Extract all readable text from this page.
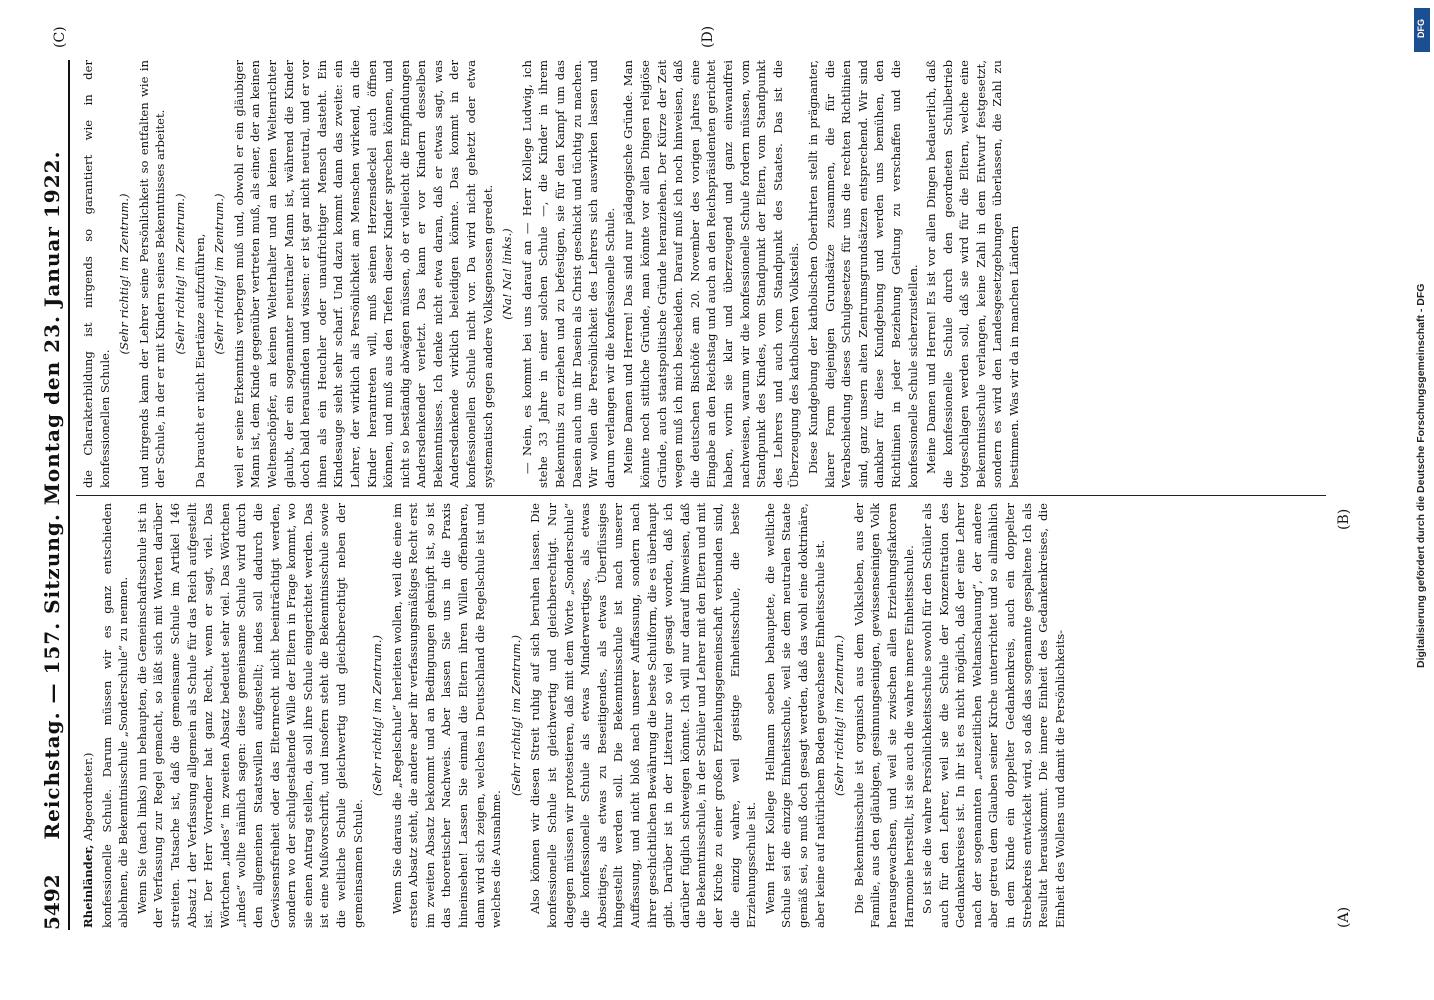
5492
Reichstag. — 157. Sitzung. Montag den 23. Januar 1922.
(A)
(B)
(C)	(D)

Rheinländer, Abgeordneter.) konfessionelle Schule. Darum müssen wir es ganz entschieden ablehnen, die Bekenntnisschule „Sonderschule“ zu nennen. Wenn Sie (nach links) nun behaupten, die Gemeinschaftsschule ist in der Verfassung zur Regel gemacht, so läßt sich mit Worten darüber streiten. Tatsache ist, daß die gemeinsame Schule im Artikel 146 Absatz 1 der Verfassung allgemein als Schule für das Reich aufgestellt ist. Der Herr Vorredner hat ganz Recht, wenn er sagt, viel. Das Wörtchen „indes“ im zweiten Absatz bedeutet sehr viel. Das Wörtchen „indes“ wollte nämlich sagen: diese gemeinsame Schule wird durch den allgemeinen Staatswillen aufgestellt; indes soll dadurch die Gewissensfreiheit oder das Elternrecht nicht beeinträchtigt werden, sondern wo der schulgestaltende Wille der Eltern in Frage kommt, wo sie einen Antrag stellen, da soll ihre Schule eingerichtet werden. Das ist eine Mußvorschrift, und insofern steht die Bekenntnisschule sowie die weltliche Schule gleichwertig und gleichberechtigt neben der gemeinsamen Schule.

(Sehr richtig! im Zentrum.) Wenn Sie daraus die „Regelschule“ herleiten wollen, weil die eine im ersten Absatz steht, die andere aber ihr verfassungsmäßiges Recht erst im zweiten Absatz bekommt und an Bedingungen geknüpft ist, so ist das theoretischer Nachweis. Aber lassen Sie uns in die Praxis hineinsehen! Lassen Sie einmal die Eltern ihren Willen offenbaren, dann wird sich zeigen, welches in Deutschland die Regelschule ist und welches die Ausnahme.

(Sehr richtig! im Zentrum.) Also können wir diesen Streit ruhig auf sich beruhen lassen. Die konfessionelle Schule ist gleichwertig und gleichberechtigt. Nur dagegen müssen wir protestieren, daß mit dem Worte „Sonderschule“ die konfessionelle Schule als etwas Minderwertiges, als etwas Abseitiges, als etwas zu Beseitigendes, als etwas Überflüssiges hingestellt werden soll. Die Bekenntnisschule ist nach unserer Auffassung, und nicht bloß nach unserer Auffassung, sondern nach ihrer geschichtlichen Bewährung die beste Schulform, die es überhaupt gibt. Darüber ist in der Literatur so viel gesagt worden, daß ich darüber füglich schweigen könnte. Ich will nur darauf hinweisen, daß die Bekenntnisschule, in der Schüler und Lehrer mit den Eltern und mit der Kirche zu einer großen Erziehungsgemeinschaft verbunden sind, die einzig wahre, weil geistige Einheitsschule, die beste Erziehungsschule ist. Wenn Herr Kollege Hellmann soeben behauptete, die weltliche Schule sei die einzige Einheitsschule, weil sie dem neutralen Staate gemäß sei, so muß doch gesagt werden, daß das wohl eine doktrinäre, aber keine auf natürlichem Boden gewachsene Einheitsschule ist. (Sehr richtig! im Zentrum.) Die Bekenntnisschule ist organisch aus dem Volksleben, aus der Familie, aus den gläubigen, gesinnungseinigen, gewissenseinigen Volk herausgewachsen, und weil sie zwischen allen Erziehungsfaktoren Harmonie herstellt, ist sie auch die wahre innere Einheitsschule. So ist sie die wahre Persönlichkeitsschule sowohl für den Schüler als auch für den Lehrer, weil sie die Schule der Konzentration des Gedankenkreises ist. In ihr ist es nicht möglich, daß der eine Lehrer nach der sogenannten „neuzeitlichen Weltanschauung“, der andere aber getreu dem Glauben seiner Kirche unterrichtet und so allmählich in dem Kinde ein doppelter Gedankenkreis, auch ein doppelter Strebekreis entwickelt wird, so daß das sogenannte gespaltene Ich als Resultat herauskommt. Die innere Einheit des Gedankenkreises, die Einheit des Wollens und damit die Persönlichkeits-

die Charakterbildung ist nirgends so garantiert wie in der konfessionellen Schule.

(Sehr richtig! im Zentrum.) und nirgends kann der Lehrer seine Persönlichkeit so entfalten wie in der Schule, in der er mit Kindern seines Bekenntnisses arbeitet. (Sehr richtig! im Zentrum.) Da braucht er nicht Eiertänze aufzuführen, (Sehr richtig! im Zentrum.) weil er seine Erkenntnis verbergen muß und, obwohl er ein gläubiger Mann ist, dem Kinde gegenüber vertreten muß, als einer, der an keinen Weltenschöpfer, an keinen Welterhalter und an keinen Weltenrichter glaubt, der ein sogenannter neutraler Mann ist, während die Kinder doch bald herausfinden und wissen: er ist gar nicht neutral, und er vor ihnen als ein Heuchler oder unaufrichtiger Mensch dasteht. Ein Kindesauge sieht sehr scharf. Und dazu kommt dann das zweite: ein Lehrer, der wirklich als Persönlichkeit am Menschen wirkend, an die Kinder herantreten will, muß seinen Herzensdeckel auch öffnen können, und muß aus den Tiefen dieser Kinder sprechen können, und nicht so beständig abwägen müssen, ob er vielleicht die Empfindungen Andersdenkender verletzt. Das kann er vor Kindern desselben Bekenntnisses. Ich denke nicht etwa daran, daß er etwas sagt, was Andersdenkende wirklich beleidigen könnte. Das kommt in der konfessionellen Schule nicht vor. Da wird nicht gehetzt oder etwa systematisch gegen andere Volksgenossen geredet. (Na! Na! links.) — Nein, es kommt bei uns darauf an — Herr Kollege Ludwig, ich stehe 33 Jahre in einer solchen Schule —, die Kinder in ihrem Bekenntnis zu erziehen und zu befestigen, sie für den Kampf um das Dasein auch um ihr Dasein als Christ geschickt und tüchtig zu machen. Wir wollen die Persönlichkeit des Lehrers sich auswirken lassen und darum verlangen wir die konfessionelle Schule. Meine Damen und Herren! Das sind nur pädagogische Gründe. Man könnte noch sittliche Gründe, man könnte vor allen Dingen religiöse Gründe, auch staatspolitische Gründe heranziehen. Der Kürze der Zeit wegen muß ich mich bescheiden. Darauf muß ich noch hinweisen, daß die deutschen Bischöfe am 20. November des vorigen Jahres eine Eingabe an den Reichstag und auch an den Reichspräsidenten gerichtet haben, worin sie klar und überzeugend und ganz einwandfrei nachweisen, warum wir die konfessionelle Schule fordern müssen, vom Standpunkt des Kindes, vom Standpunkt der Eltern, vom Standpunkt des Lehrers und auch vom Standpunkt des Staates. Das ist die Überzeugung des katholischen Volksteils. Diese Kundgebung der katholischen Oberhirten stellt in prägnanter, klarer Form diejenigen Grundsätze zusammen, die für die Verabschiedung dieses Schulgesetzes für uns die rechten Richtlinien sind, ganz unsern alten Zentrumsgrundsätzen entsprechend. Wir sind dankbar für diese Kundgebung und werden uns bemühen, den Richtlinien in jeder Beziehung Geltung zu verschaffen und die konfessionelle Schule sicherzustellen. Meine Damen und Herren! Es ist vor allen Dingen bedauerlich, daß die konfessionelle Schule durch den geordneten Schulbetrieb totgeschlagen werden soll, daß sie wird für die Eltern, welche eine Bekenntnisschule verlangen, keine Zahl in dem Entwurf festgesetzt, sondern es wird den Landesgesetzgebungen überlassen, die Zahl zu bestimmen. Was wir da in manchen Ländern

DFG
Digitalisierung gefördert durch die Deutsche Forschungsgemeinschaft - DFG
